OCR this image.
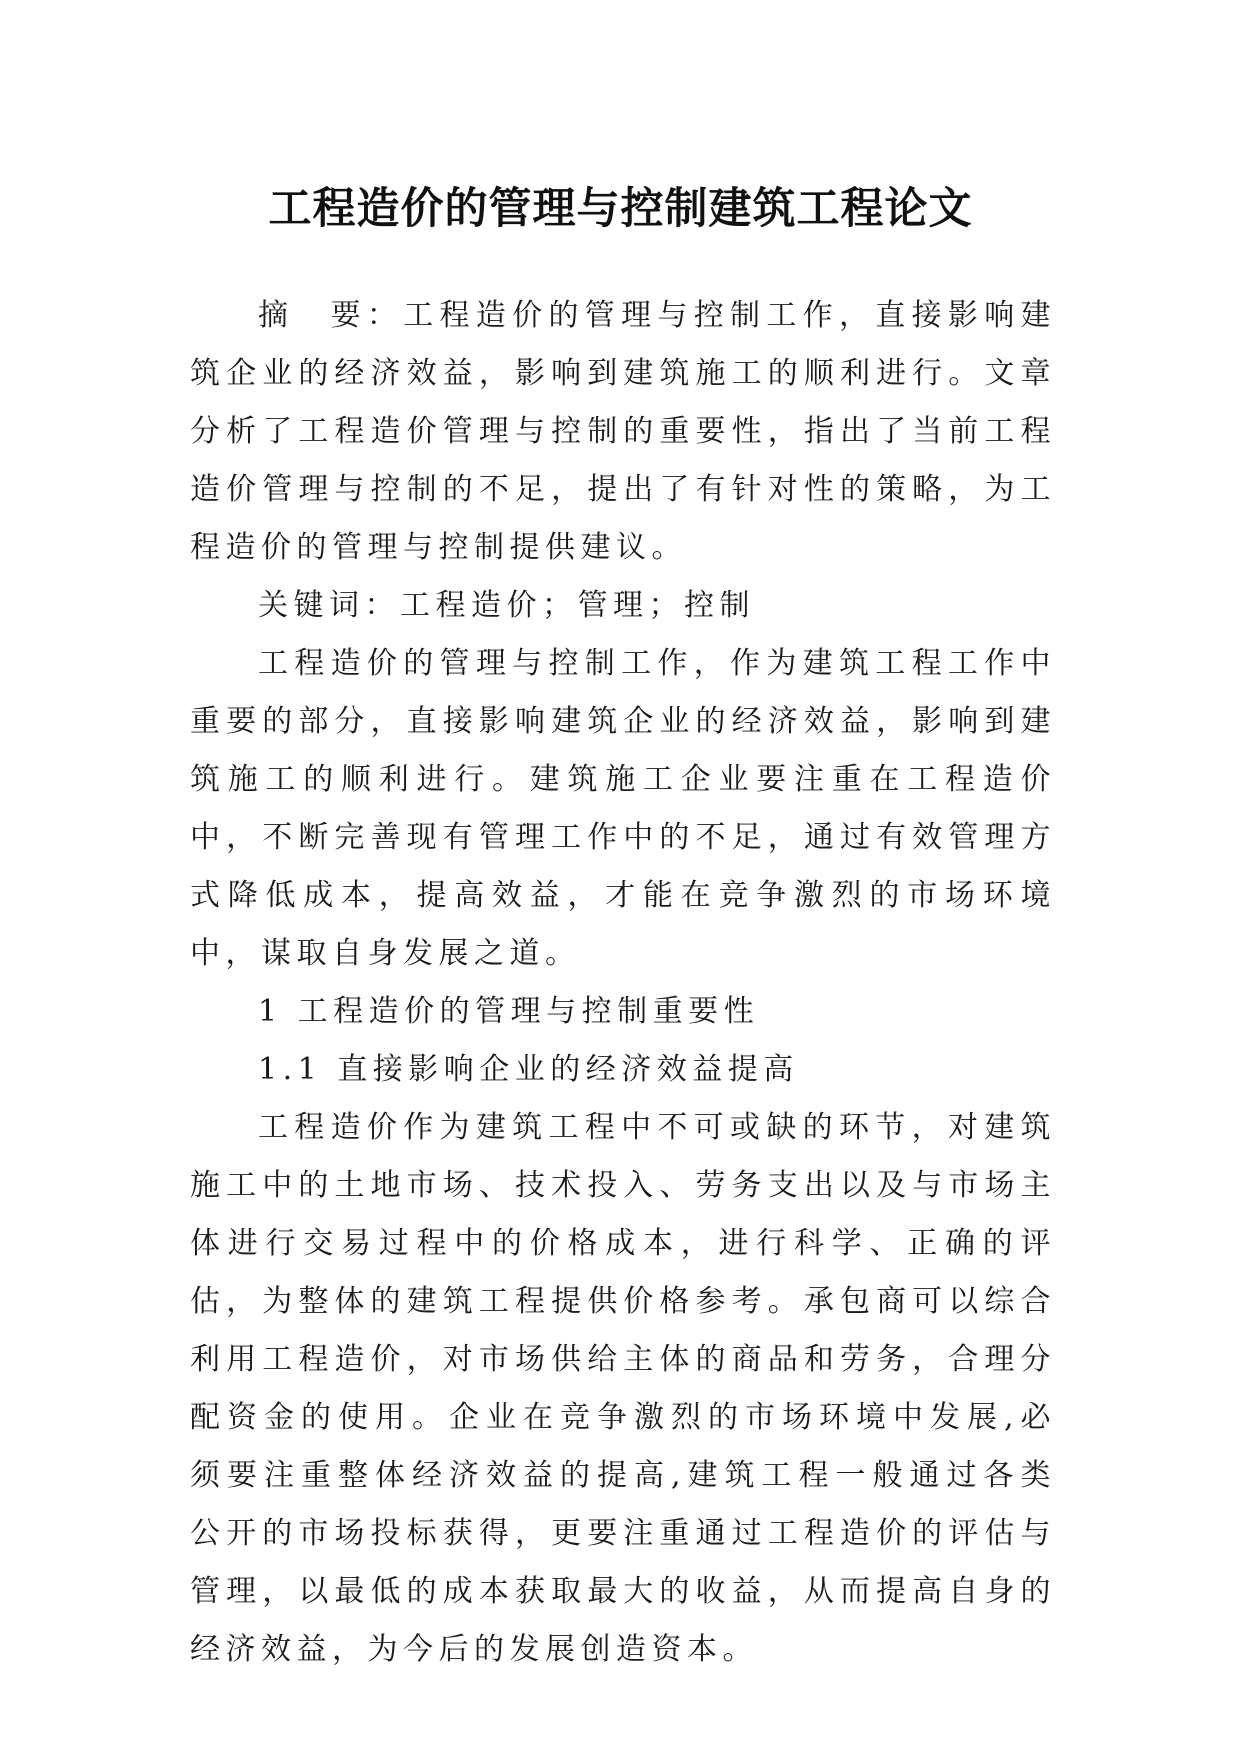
工程造价的管理与控制建筑工程论文

摘　要：工程造价的管理与控制工作，直接影响建筑企业的经济效益，影响到建筑施工的顺利进行。文章分析了工程造价管理与控制的重要性，指出了当前工程造价管理与控制的不足，提出了有针对性的策略，为工程造价的管理与控制提供建议。

关键词：工程造价；管理；控制

工程造价的管理与控制工作，作为建筑工程工作中重要的部分，直接影响建筑企业的经济效益，影响到建筑施工的顺利进行。建筑施工企业要注重在工程造价中，不断完善现有管理工作中的不足，通过有效管理方式降低成本，提高效益，才能在竞争激烈的市场环境中，谋取自身发展之道。

1 工程造价的管理与控制重要性

1.1 直接影响企业的经济效益提高

工程造价作为建筑工程中不可或缺的环节，对建筑施工中的土地市场、技术投入、劳务支出以及与市场主体进行交易过程中的价格成本，进行科学、正确的评估，为整体的建筑工程提供价格参考。承包商可以综合利用工程造价，对市场供给主体的商品和劳务，合理分配资金的使用。企业在竞争激烈的市场环境中发展,必须要注重整体经济效益的提高,建筑工程一般通过各类公开的市场投标获得，更要注重通过工程造价的评估与管理，以最低的成本获取最大的收益，从而提高自身的经济效益，为今后的发展创造资本。
